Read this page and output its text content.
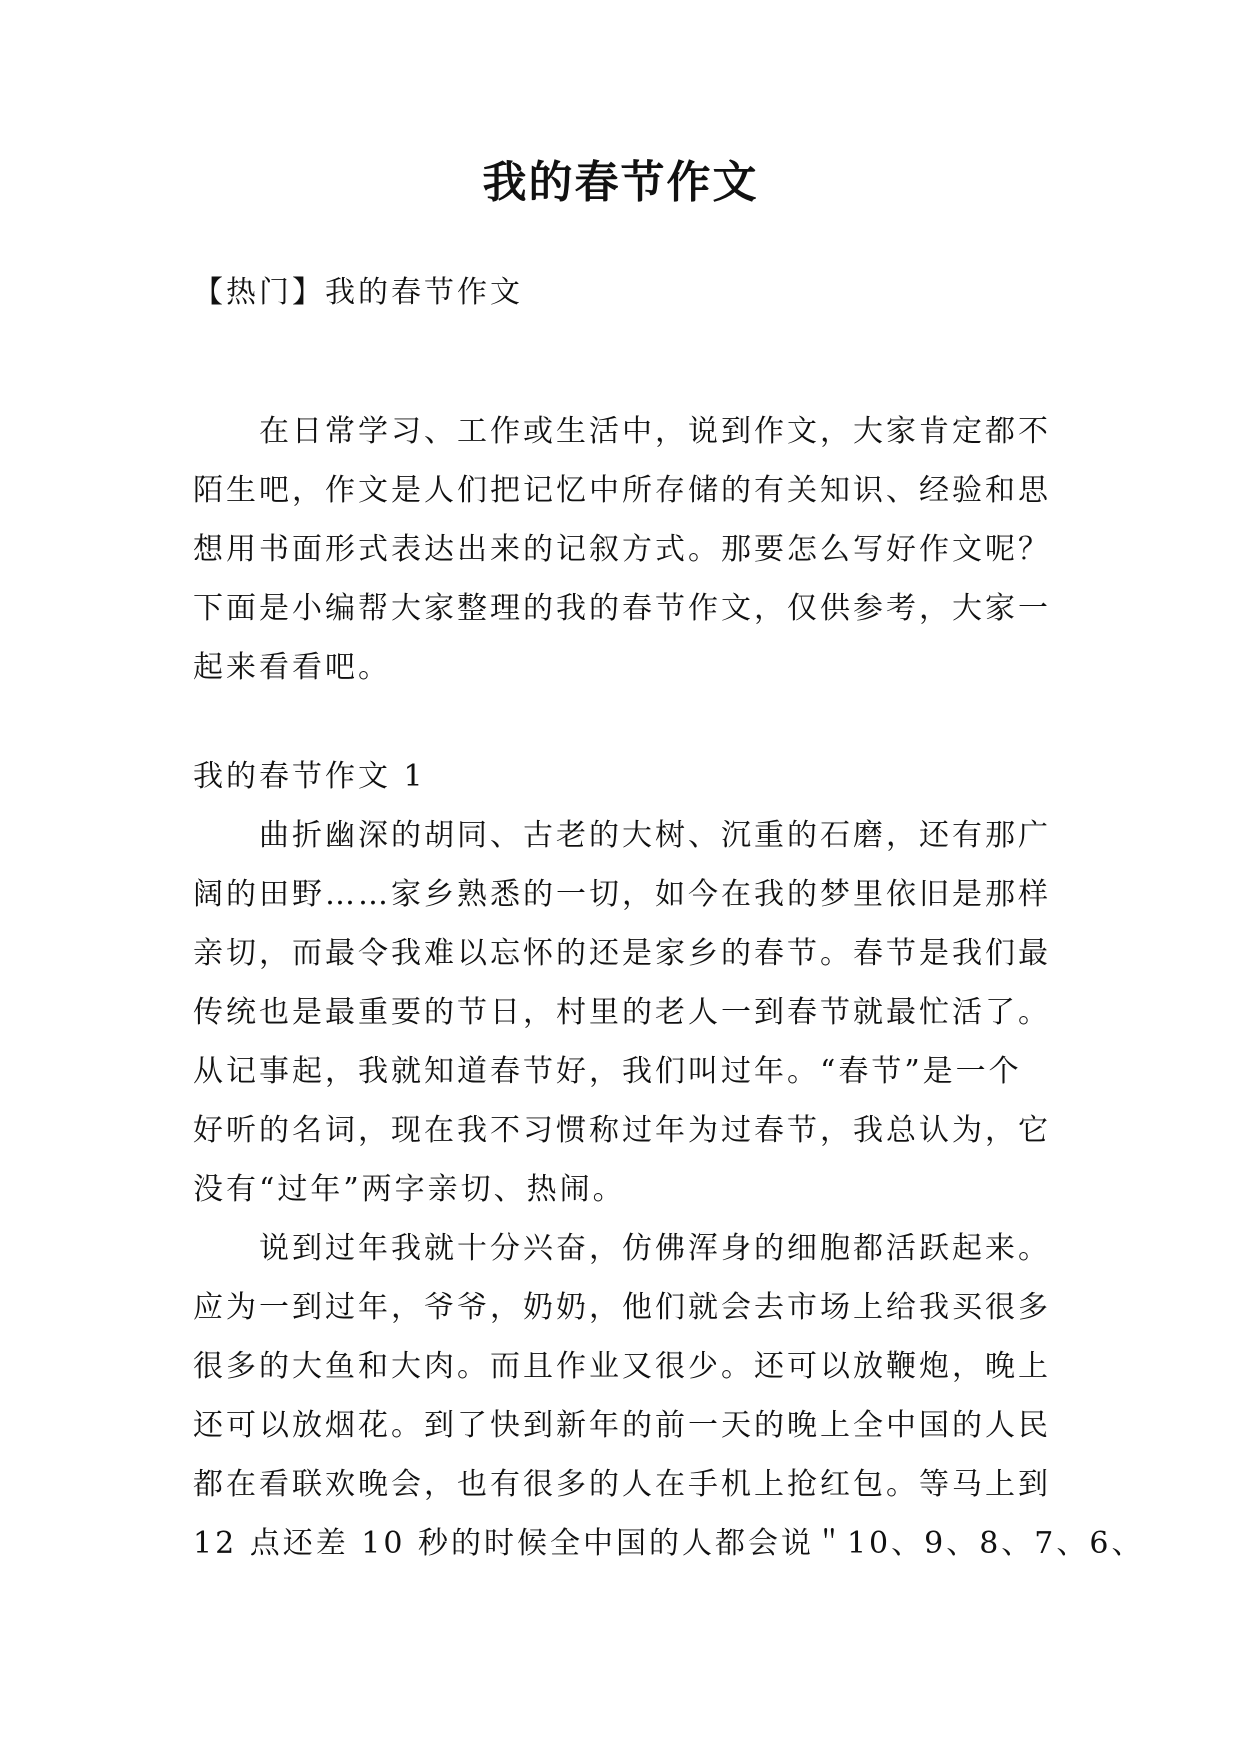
我的春节作文
【热门】我的春节作文
　　在日常学习、工作或生活中，说到作文，大家肯定都不
陌生吧，作文是人们把记忆中所存储的有关知识、经验和思
想用书面形式表达出来的记叙方式。那要怎么写好作文呢？
下面是小编帮大家整理的我的春节作文，仅供参考，大家一
起来看看吧。
我的春节作文 1
　　曲折幽深的胡同、古老的大树、沉重的石磨，还有那广
阔的田野……家乡熟悉的一切，如今在我的梦里依旧是那样
亲切，而最令我难以忘怀的还是家乡的春节。春节是我们最
传统也是最重要的节日，村里的老人一到春节就最忙活了。
从记事起，我就知道春节好，我们叫过年。“春节”是一个
好听的名词，现在我不习惯称过年为过春节，我总认为，它
没有“过年”两字亲切、热闹。
　　说到过年我就十分兴奋，仿佛浑身的细胞都活跃起来。
应为一到过年，爷爷，奶奶，他们就会去市场上给我买很多
很多的大鱼和大肉。而且作业又很少。还可以放鞭炮，晚上
还可以放烟花。到了快到新年的前一天的晚上全中国的人民
都在看联欢晚会，也有很多的人在手机上抢红包。等马上到
12 点还差 10 秒的时候全中国的人都会说＂10、9、8、7、6、
